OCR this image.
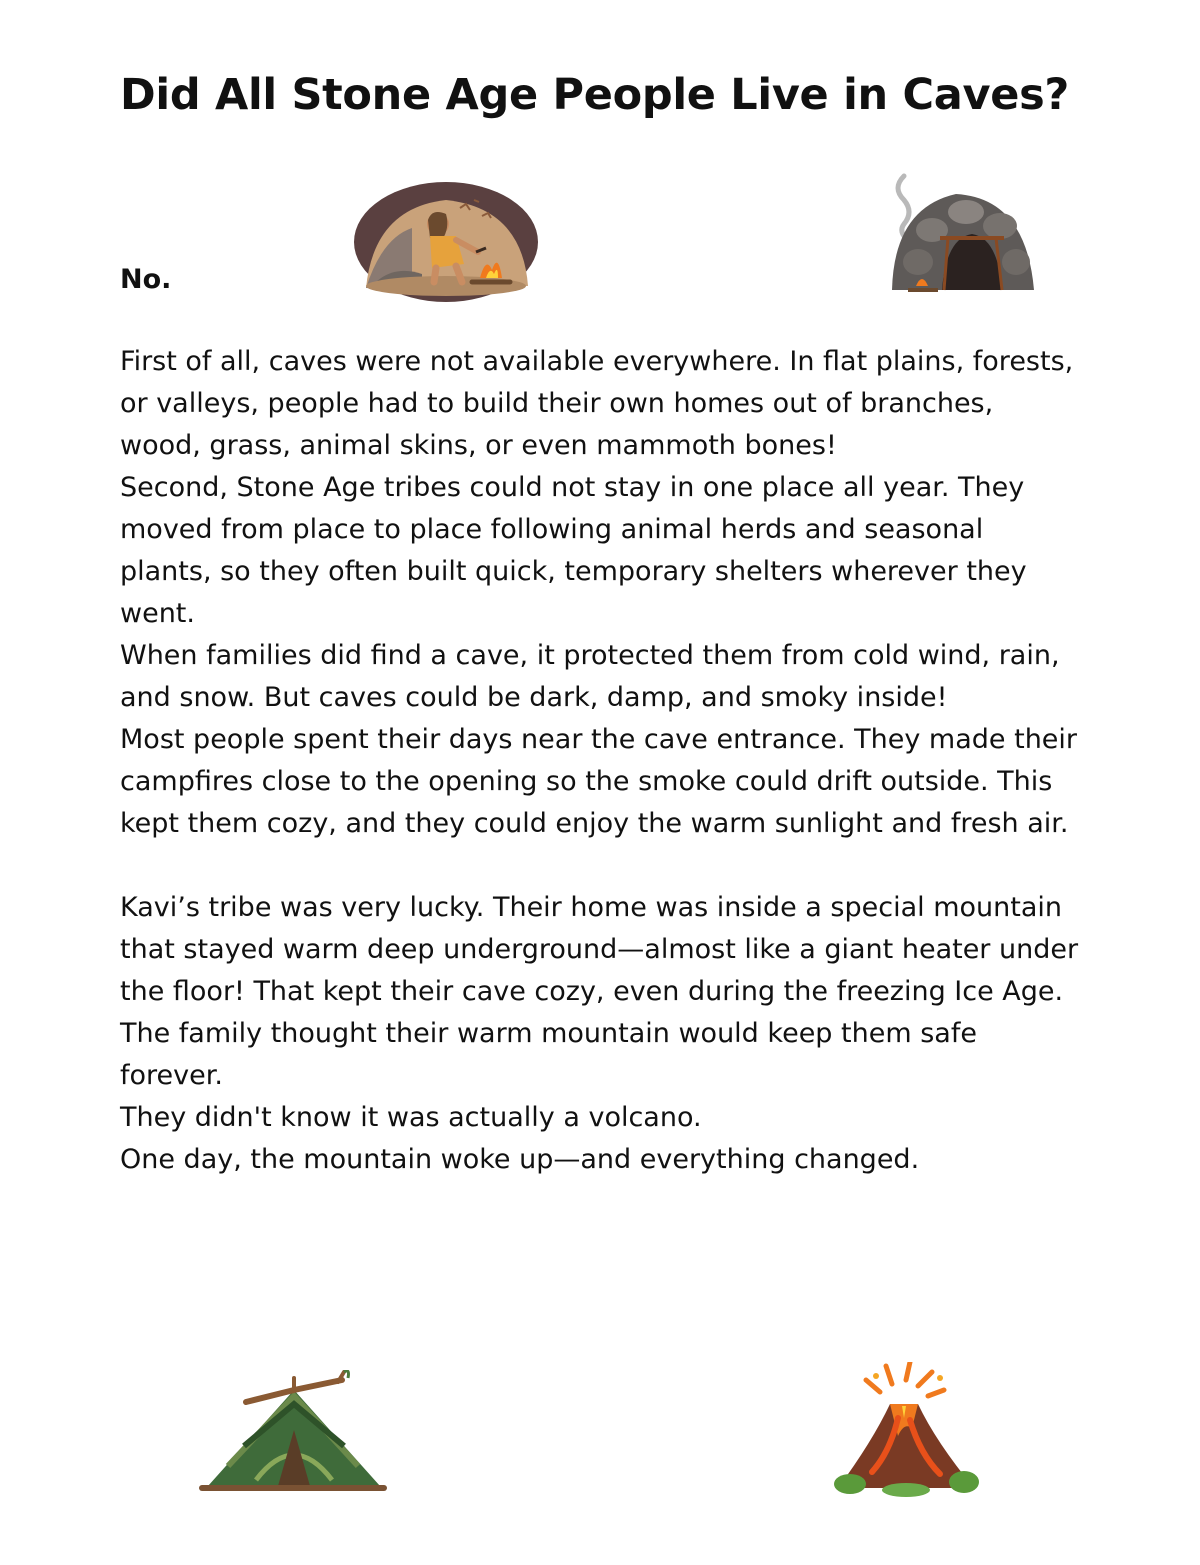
Did All Stone Age People Live in Caves?

No.

First of all, caves were not available everywhere. In flat plains, forests, or valleys, people had to build their own homes out of branches, wood, grass, animal skins, or even mammoth bones!

Second, Stone Age tribes could not stay in one place all year. They moved from place to place following animal herds and seasonal plants, so they often built quick, temporary shelters wherever they went.

When families did find a cave, it protected them from cold wind, rain, and snow. But caves could be dark, damp, and smoky inside!

Most people spent their days near the cave entrance. They made their campfires close to the opening so the smoke could drift outside. This kept them cozy, and they could enjoy the warm sunlight and fresh air.

Kavi’s tribe was very lucky. Their home was inside a special mountain that stayed warm deep underground—almost like a giant heater under the floor! That kept their cave cozy, even during the freezing Ice Age.

The family thought their warm mountain would keep them safe forever.

They didn't know it was actually a volcano.

One day, the mountain woke up—and everything changed.
